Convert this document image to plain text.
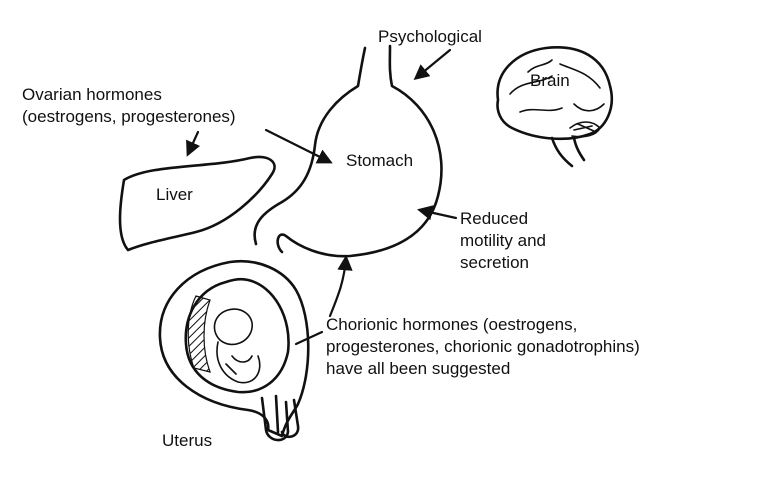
Psychological
Brain
Ovarian hormones
(oestrogens, progesterones)
Stomach
Liver
Reduced
motility and
secretion
Chorionic hormones (oestrogens,
progesterones, chorionic gonadotrophins)
have all been suggested
Uterus
